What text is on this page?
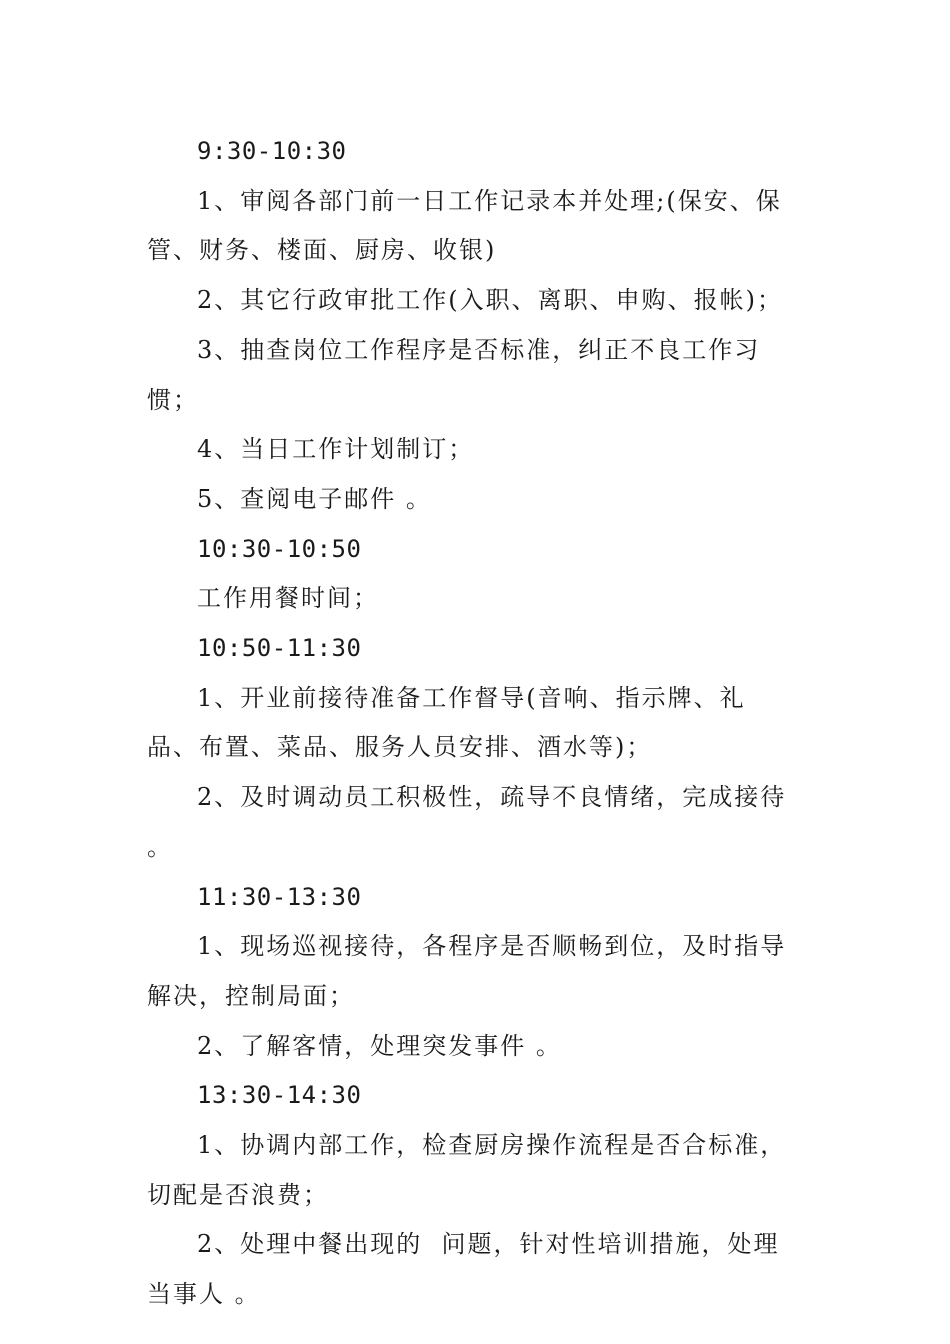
9:30-10:30

1、审阅各部门前一日工作记录本并处理;(保安、保管、财务、楼面、厨房、收银)

2、其它行政审批工作(入职、离职、申购、报帐)；

3、抽查岗位工作程序是否标准，纠正不良工作习惯；

4、当日工作计划制订；

5、查阅电子邮件 。

10:30-10:50

工作用餐时间；

10:50-11:30

1、开业前接待准备工作督导(音响、指示牌、礼品、布置、菜品、服务人员安排、酒水等)；

2、及时调动员工积极性，疏导不良情绪，完成接待 。

11:30-13:30

1、现场巡视接待，各程序是否顺畅到位，及时指导解决，控制局面；

2、了解客情，处理突发事件 。

13:30-14:30

1、协调内部工作，检查厨房操作流程是否合标准，切配是否浪费；

2、处理中餐出现的  问题，针对性培训措施，处理当事人 。
